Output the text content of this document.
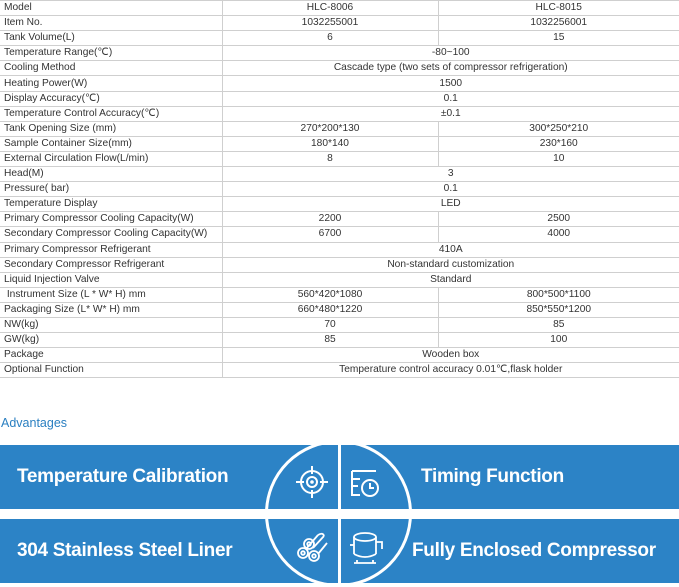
Model	HLC-8006	HLC-8015
Item No.	1032255001	1032256001
Tank Volume(L)	6	15
Temperature Range(℃)	-80~100	
Cooling Method	Cascade type (two sets of compressor refrigeration)	
Heating Power(W)	1500	
Display Accuracy(℃)	0.1	
Temperature Control Accuracy(℃)	±0.1	
Tank Opening Size (mm)	270*200*130	300*250*210
Sample Container Size(mm)	180*140	230*160
External Circulation Flow(L/min)	8	10
Head(M)	3	
Pressure( bar)	0.1	
Temperature Display	LED	
Primary Compressor Cooling Capacity(W)	2200	2500
Secondary Compressor Cooling Capacity(W)	6700	4000
Primary Compressor Refrigerant	410A	
Secondary Compressor Refrigerant	Non-standard customization	
Liquid Injection Valve	Standard	
Instrument Size (L * W* H) mm	560*420*1080	800*500*1100
Packaging Size (L* W* H) mm	660*480*1220	850*550*1200
NW(kg)	70	85
GW(kg)	85	100
Package	Wooden box	
Optional Function	Temperature control accuracy 0.01℃,flask holder	
Advantages
Temperature Calibration	Timing Function
304 Stainless Steel Liner	Fully Enclosed Compressor
